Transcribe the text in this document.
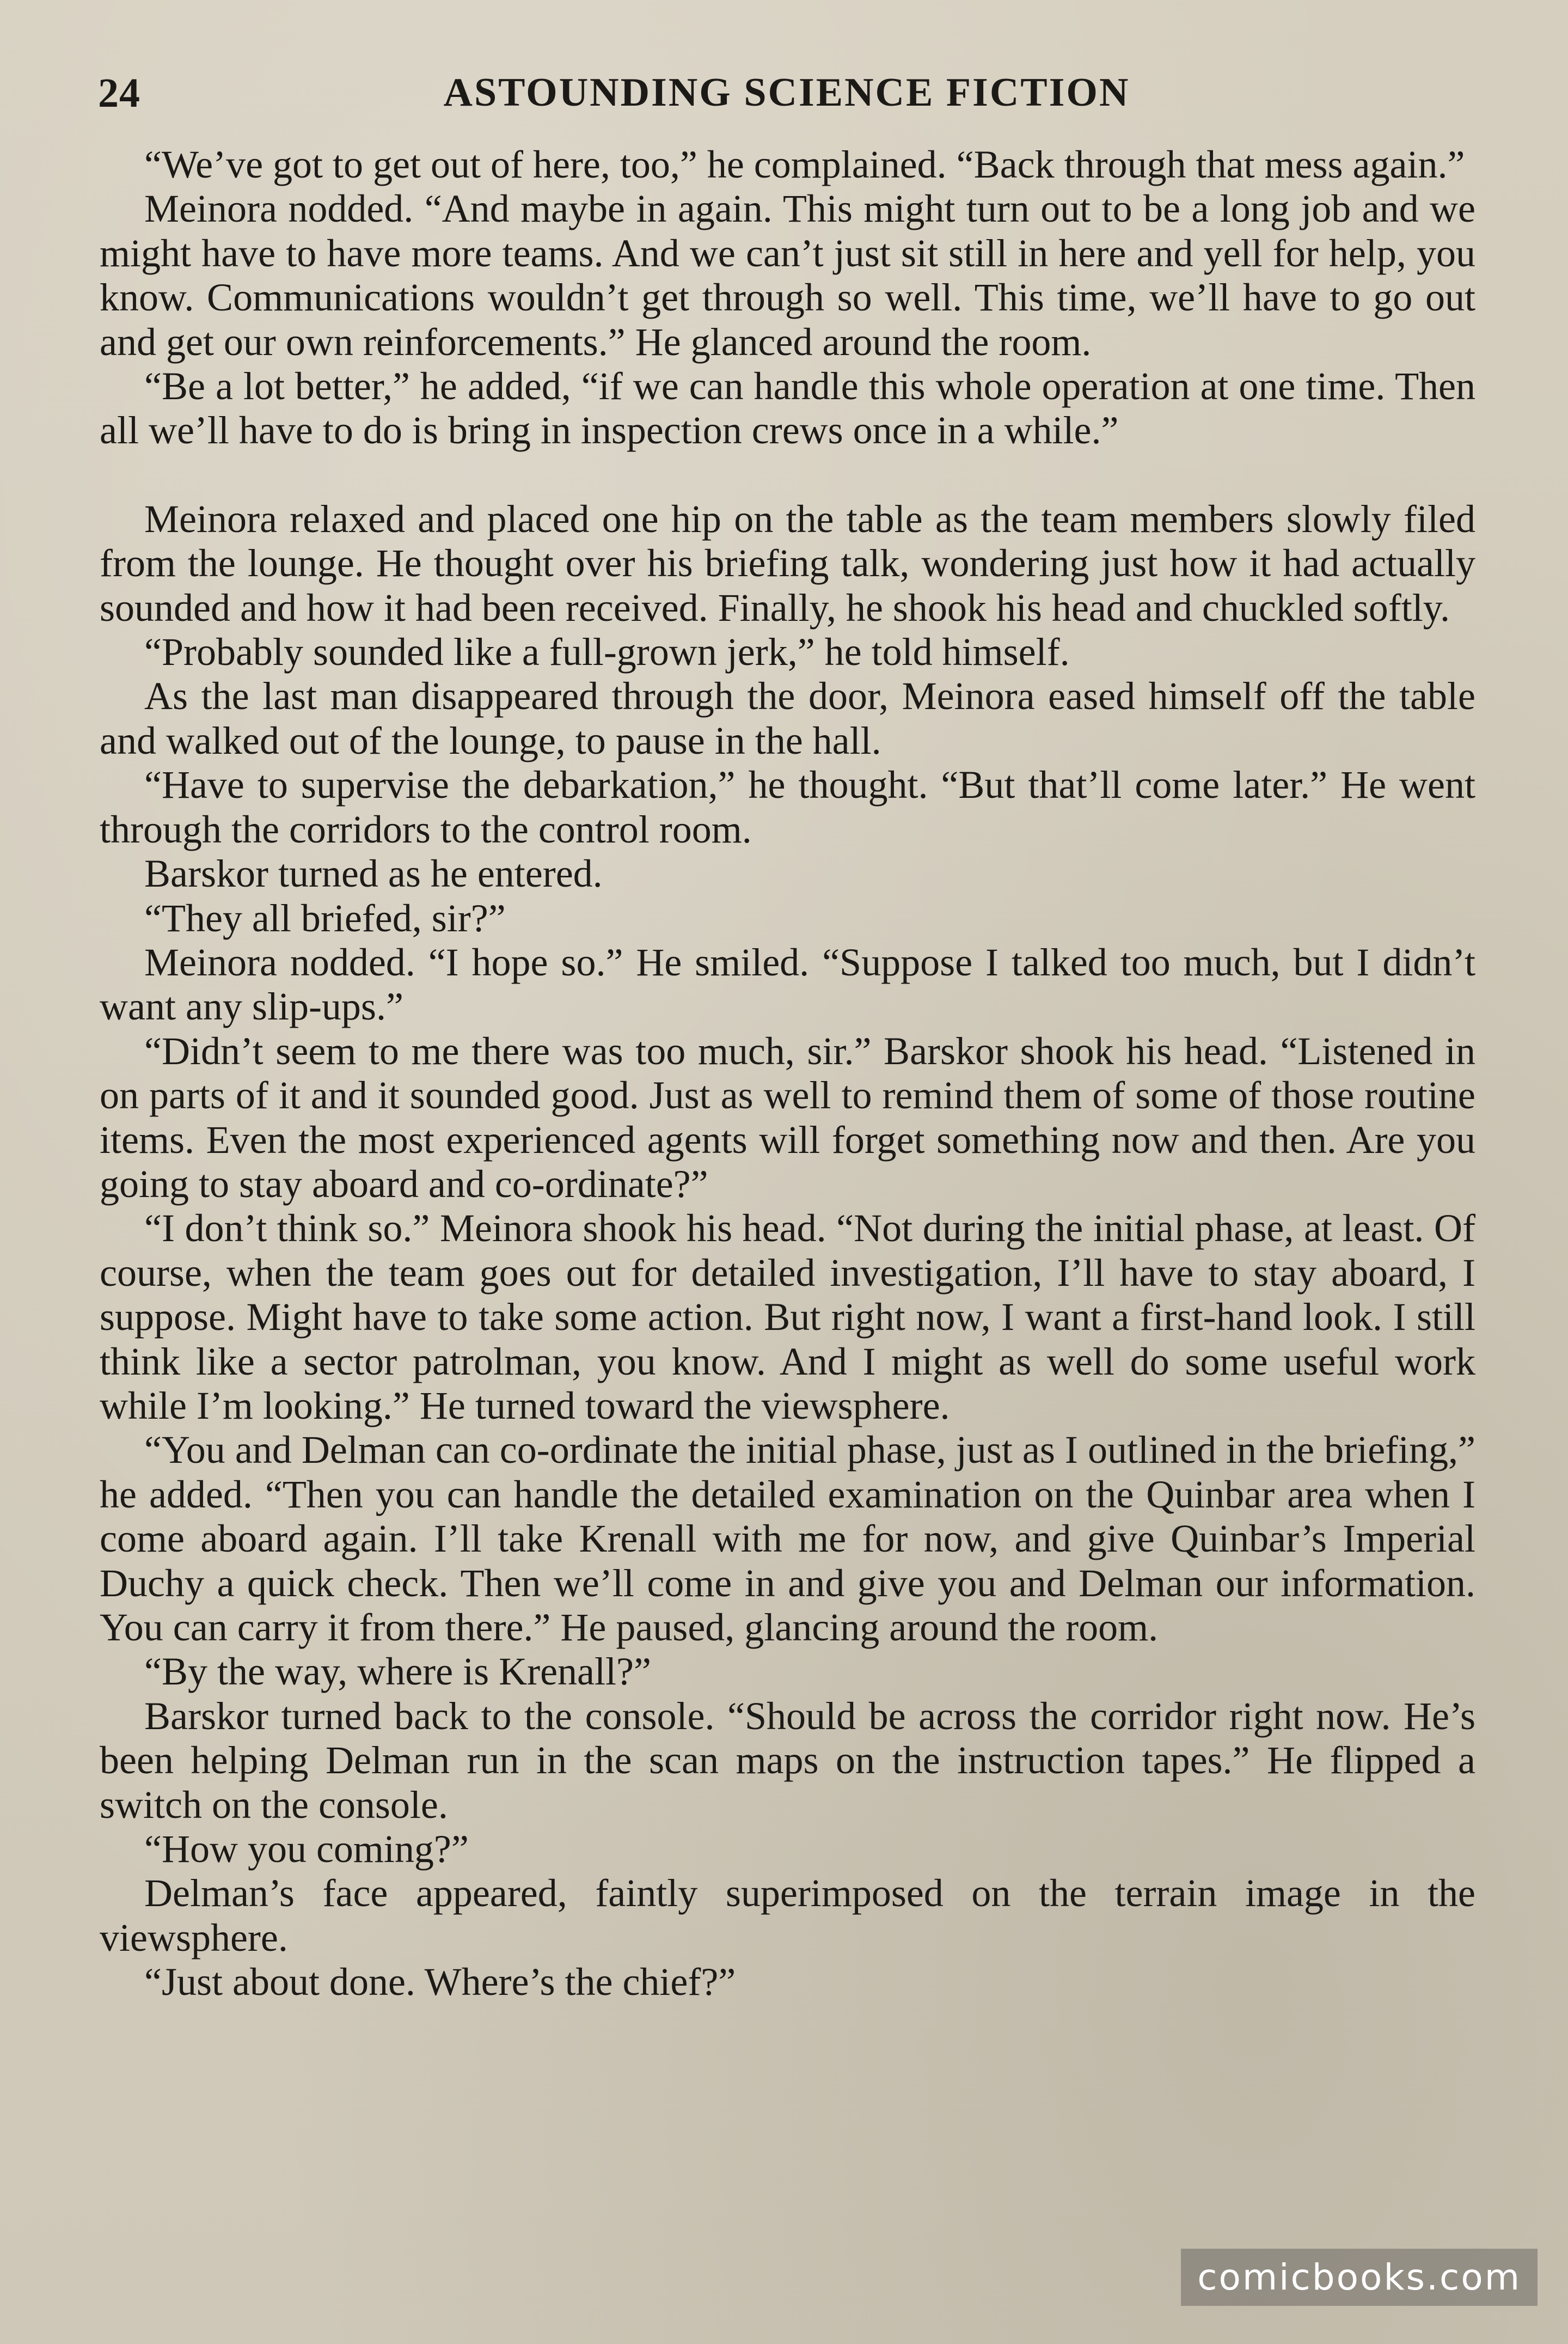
24	ASTOUNDING SCIENCE FICTION

“We’ve got to get out of here, too,” he complained. “Back through that mess again.”

Meinora nodded. “And maybe in again. This might turn out to be a long job and we might have to have more teams. And we can’t just sit still in here and yell for help, you know. Communications wouldn’t get through so well. This time, we’ll have to go out and get our own reinforcements.” He glanced around the room.

“Be a lot better,” he added, “if we can handle this whole operation at one time. Then all we’ll have to do is bring in inspection crews once in a while.”

Meinora relaxed and placed one hip on the table as the team members slowly filed from the lounge. He thought over his briefing talk, wondering just how it had actually sounded and how it had been received. Finally, he shook his head and chuckled softly.

“Probably sounded like a full-grown jerk,” he told himself.

As the last man disappeared through the door, Meinora eased himself off the table and walked out of the lounge, to pause in the hall.

“Have to supervise the debarkation,” he thought. “But that’ll come later.” He went through the corridors to the control room.

Barskor turned as he entered.

“They all briefed, sir?”

Meinora nodded. “I hope so.” He smiled. “Suppose I talked too much, but I didn’t want any slip-ups.”

“Didn’t seem to me there was too much, sir.” Barskor shook his head. “Listened in on parts of it and it sounded good. Just as well to remind them of some of those routine items. Even the most experienced agents will forget something now and then. Are you going to stay aboard and co-ordinate?”

“I don’t think so.” Meinora shook his head. “Not during the initial phase, at least. Of course, when the team goes out for detailed investigation, I’ll have to stay aboard, I suppose. Might have to take some action. But right now, I want a first-hand look. I still think like a sector patrolman, you know. And I might as well do some useful work while I’m looking.” He turned toward the viewsphere.

“You and Delman can co-ordinate the initial phase, just as I outlined in the briefing,” he added. “Then you can handle the detailed examination on the Quinbar area when I come aboard again. I’ll take Krenall with me for now, and give Quinbar’s Imperial Duchy a quick check. Then we’ll come in and give you and Delman our information. You can carry it from there.” He paused, glancing around the room.

“By the way, where is Krenall?”

Barskor turned back to the console. “Should be across the corridor right now. He’s been helping Delman run in the scan maps on the instruction tapes.” He flipped a switch on the console.

“How you coming?”

Delman’s face appeared, faintly superimposed on the terrain image in the viewsphere.

“Just about done. Where’s the chief?”

comicbooks.com
